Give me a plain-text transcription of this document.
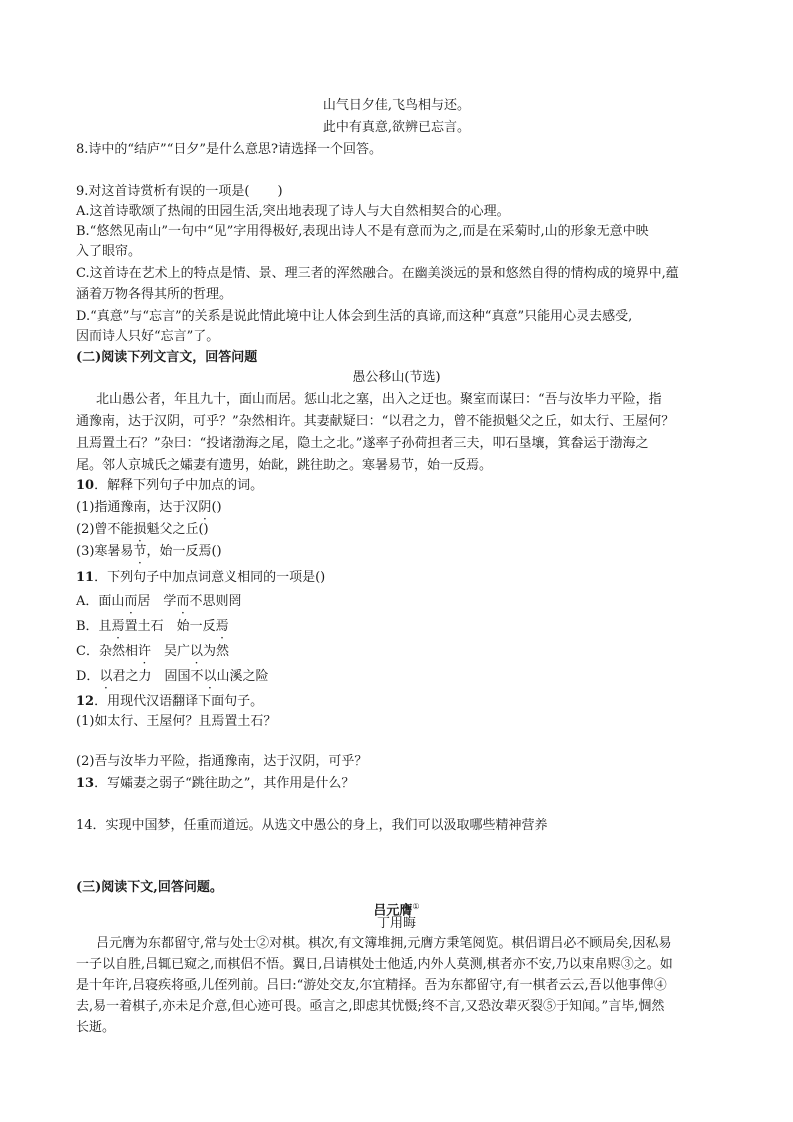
山气日夕佳,飞鸟相与还。
此中有真意,欲辨已忘言。
8.诗中的“结庐”“日夕”是什么意思?请选择一个回答。
9.对这首诗赏析有误的一项是( )
A.这首诗歌颂了热闹的田园生活,突出地表现了诗人与大自然相契合的心理。
B.“悠然见南山”一句中“见”字用得极好,表现出诗人不是有意而为之,而是在采菊时,山的形象无意中映
入了眼帘。
C.这首诗在艺术上的特点是情、景、理三者的浑然融合。在幽美淡远的景和悠然自得的情构成的境界中,蕴
涵着万物各得其所的哲理。
D.“真意”与“忘言”的关系是说此情此境中让人体会到生活的真谛,而这种“真意”只能用心灵去感受,
因而诗人只好“忘言”了。
(二)阅读下列文言文，回答问题
愚公移山(节选)
北山愚公者，年且九十，面山而居。惩山北之塞，出入之迂也。聚室而谋曰：“吾与汝毕力平险，指
通豫南，达于汉阴，可乎？”杂然相许。其妻献疑曰：“以君之力，曾不能损魁父之丘，如太行、王屋何？
且焉置土石？”杂曰：“投诸渤海之尾，隐土之北。”遂率子孙荷担者三夫，叩石垦壤，箕畚运于渤海之
尾。邻人京城氏之孀妻有遗男，始龀，跳往助之。寒暑易节，始一反焉。
10．解释下列句子中加点的词。
(1)指通豫南，达于汉阴()
(2)曾不能损魁父之丘()
(3)寒暑易节，始一反焉()
11．下列句子中加点词意义相同的一项是()
A．面山而居　学而不思则罔
B．且焉置土石　始一反焉
C．杂然相许　吴广以为然
D．以君之力　固国不以山溪之险
12．用现代汉语翻译下面句子。
(1)如太行、王屋何？且焉置土石？
(2)吾与汝毕力平险，指通豫南，达于汉阴，可乎？
13．写孀妻之弱子“跳往助之”，其作用是什么？
14．实现中国梦，任重而道远。从选文中愚公的身上，我们可以汲取哪些精神营养
(三)阅读下文,回答问题。
吕元膺①
丁用晦
吕元膺为东都留守,常与处士②对棋。棋次,有文簿堆拥,元膺方秉笔阅览。棋侣谓吕必不顾局矣,因私易
一子以自胜,吕辄已窥之,而棋侣不悟。翼日,吕请棋处士他适,内外人莫测,棋者亦不安,乃以束帛赆③之。如
是十年许,吕寝疾将亟,儿侄列前。吕曰:“游处交友,尔宜精择。吾为东都留守,有一棋者云云,吾以他事俾④
去,易一着棋子,亦未足介意,但心迹可畏。亟言之,即虑其忧慑;终不言,又恐汝辈灭裂⑤于知闻。”言毕,惆然
长逝。
